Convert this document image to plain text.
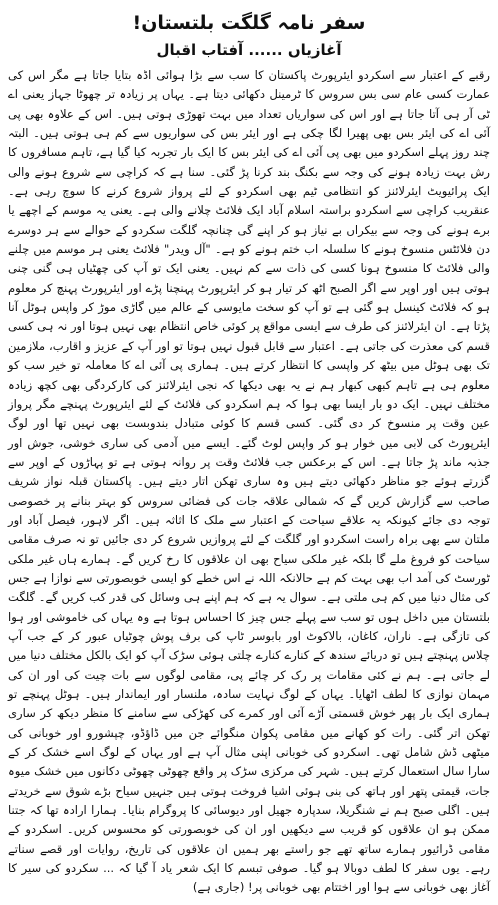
سفر نامہ گلگت بلتستان!
آغازیاں ...... آفتاب اقبال

رقبے کے اعتبار سے اسکردو ایئرپورٹ پاکستان کا سب سے بڑا ہوائی اڈہ بتایا جاتا ہے مگر اس کی عمارت کسی عام سی بس سروس کا ٹرمینل دکھائی دیتا ہے۔ یہاں پر زیادہ تر چھوٹا جہاز یعنی اے ٹی آر ہی آتا جاتا ہے اور اس کی سواریاں تعداد میں بہت تھوڑی ہوتی ہیں۔ اس کے علاوہ بھی پی آئی اے کی ایئر بس بھی پھیرا لگا چکی ہے اور ایئر بس کی سواریوں سے کم ہی ہوتی ہیں۔ البتہ چند روز پہلے اسکردو میں بھی پی آئی اے کی ایئر بس کا ایک بار تجربہ کیا گیا ہے، تاہم مسافروں کا رش بہت زیادہ ہونے کی وجہ سے بکنگ بند کرنا پڑ گئی۔ سنا ہے کہ کراچی سے شروع ہونے والی ایک پرائیویٹ ایئرلائنز کو انتظامی ٹیم بھی اسکردو کے لئے پرواز شروع کرنے کا سوچ رہی ہے۔ عنقریب کراچی سے اسکردو براستہ اسلام آباد ایک فلائٹ چلانے والی ہے۔ یعنی یہ موسم کے اچھے یا برے ہونے کی وجہ سے بیکراں بے نیاز ہو کر اپنے گی چنانچہ گلگت سکردو کے حوالے سے ہر دوسرے دن فلائٹس منسوخ ہونے کا سلسلہ اب ختم ہونے کو ہے۔ "آل ویدر" فلائٹ یعنی ہر موسم میں چلنے والی فلائٹ کا منسوخ ہونا کسی کی ذات سے کم نہیں۔ یعنی ایک تو آپ کی چھٹیاں ہی گنی چنی ہوتی ہیں اور اوپر سے اگر الصبح اٹھ کر تیار ہو کر ایئرپورٹ پہنچنا پڑے اور ایئرپورٹ پہنچ کر معلوم ہو کہ فلائٹ کینسل ہو گئی ہے تو آپ کو سخت مایوسی کے عالم میں گاڑی موڑ کر واپس ہوٹل آنا پڑتا ہے۔ ان ایئرلائنز کی طرف سے ایسی مواقع پر کوئی خاص انتظام بھی نہیں ہوتا اور نہ ہی کسی قسم کی معذرت کی جاتی ہے۔ اعتبار سے قابل قبول نہیں ہوتا تو اور آپ کے عزیز و اقارب، ملازمین تک بھی ہوٹل میں بیٹھ کر واپسی کا انتظار کرتے ہیں۔ ہماری پی آئی اے کا معاملہ تو خیر سب کو معلوم ہی ہے تاہم کبھی کبھار ہم نے یہ بھی دیکھا کہ نجی ایئرلائنز کی کارکردگی بھی کچھ زیادہ مختلف نہیں۔ ایک دو بار ایسا بھی ہوا کہ ہم اسکردو کی فلائٹ کے لئے ایئرپورٹ پہنچے مگر پرواز عین وقت پر منسوخ کر دی گئی۔ کسی قسم کا کوئی متبادل بندوبست بھی نہیں تھا اور لوگ ایئرپورٹ کی لابی میں خوار ہو کر واپس لوٹ گئے۔ ایسے میں آدمی کی ساری خوشی، جوش اور جذبہ ماند پڑ جاتا ہے۔ اس کے برعکس جب فلائٹ وقت پر روانہ ہوتی ہے تو پہاڑوں کے اوپر سے گزرتے ہوئے جو مناظر دکھائی دیتے ہیں وہ ساری تھکن اتار دیتے ہیں۔ پاکستان قبلہ نواز شریف صاحب سے گزارش کریں گے کہ شمالی علاقہ جات کی فضائی سروس کو بہتر بنانے پر خصوصی توجہ دی جائے کیونکہ یہ علاقے سیاحت کے اعتبار سے ملک کا اثاثہ ہیں۔ اگر لاہور، فیصل آباد اور ملتان سے بھی براہ راست اسکردو اور گلگت کے لئے پروازیں شروع کر دی جائیں تو نہ صرف مقامی سیاحت کو فروغ ملے گا بلکہ غیر ملکی سیاح بھی ان علاقوں کا رخ کریں گے۔ ہمارے ہاں غیر ملکی ٹورسٹ کی آمد اب بھی بہت کم ہے حالانکہ اللہ نے اس خطے کو ایسی خوبصورتی سے نوازا ہے جس کی مثال دنیا میں کم ہی ملتی ہے۔ سوال یہ ہے کہ ہم اپنے ہی وسائل کی قدر کب کریں گے۔ گلگت بلتستان میں داخل ہوں تو سب سے پہلے جس چیز کا احساس ہوتا ہے وہ یہاں کی خاموشی اور ہوا کی تازگی ہے۔ ناران، کاغان، بالاکوٹ اور بابوسر ٹاپ کی برف پوش چوٹیاں عبور کر کے جب آپ چلاس پہنچتے ہیں تو دریائے سندھ کے کنارے کنارے چلتی ہوئی سڑک آپ کو ایک بالکل مختلف دنیا میں لے جاتی ہے۔ ہم نے کئی مقامات پر رک کر چائے پی، مقامی لوگوں سے بات چیت کی اور ان کی مہمان نوازی کا لطف اٹھایا۔ یہاں کے لوگ نہایت سادہ، ملنسار اور ایماندار ہیں۔ ہوٹل پہنچے تو ہماری ایک بار پھر خوش قسمتی آڑے آئی اور کمرے کی کھڑکی سے سامنے کا منظر دیکھ کر ساری تھکن اتر گئی۔ رات کو کھانے میں مقامی پکوان منگوائے جن میں ڈاؤڈو، چپشورو اور خوبانی کی میٹھی ڈش شامل تھی۔ اسکردو کی خوبانی اپنی مثال آپ ہے اور یہاں کے لوگ اسے خشک کر کے سارا سال استعمال کرتے ہیں۔ شہر کی مرکزی سڑک پر واقع چھوٹی چھوٹی دکانوں میں خشک میوہ جات، قیمتی پتھر اور ہاتھ کی بنی ہوئی اشیا فروخت ہوتی ہیں جنہیں سیاح بڑے شوق سے خریدتے ہیں۔ اگلی صبح ہم نے شنگریلا، سدپارہ جھیل اور دیوسائی کا پروگرام بنایا۔ ہمارا ارادہ تھا کہ جتنا ممکن ہو ان علاقوں کو قریب سے دیکھیں اور ان کی خوبصورتی کو محسوس کریں۔ اسکردو کے مقامی ڈرائیور ہمارے ساتھ تھے جو راستے بھر ہمیں ان علاقوں کی تاریخ، روایات اور قصے سناتے رہے۔ یوں سفر کا لطف دوبالا ہو گیا۔ صوفی تبسم کا ایک شعر یاد آ گیا کہ ... سکردو کی سیر کا آغاز بھی خوبانی سے ہوا اور اختتام بھی خوبانی پر! (جاری ہے)
